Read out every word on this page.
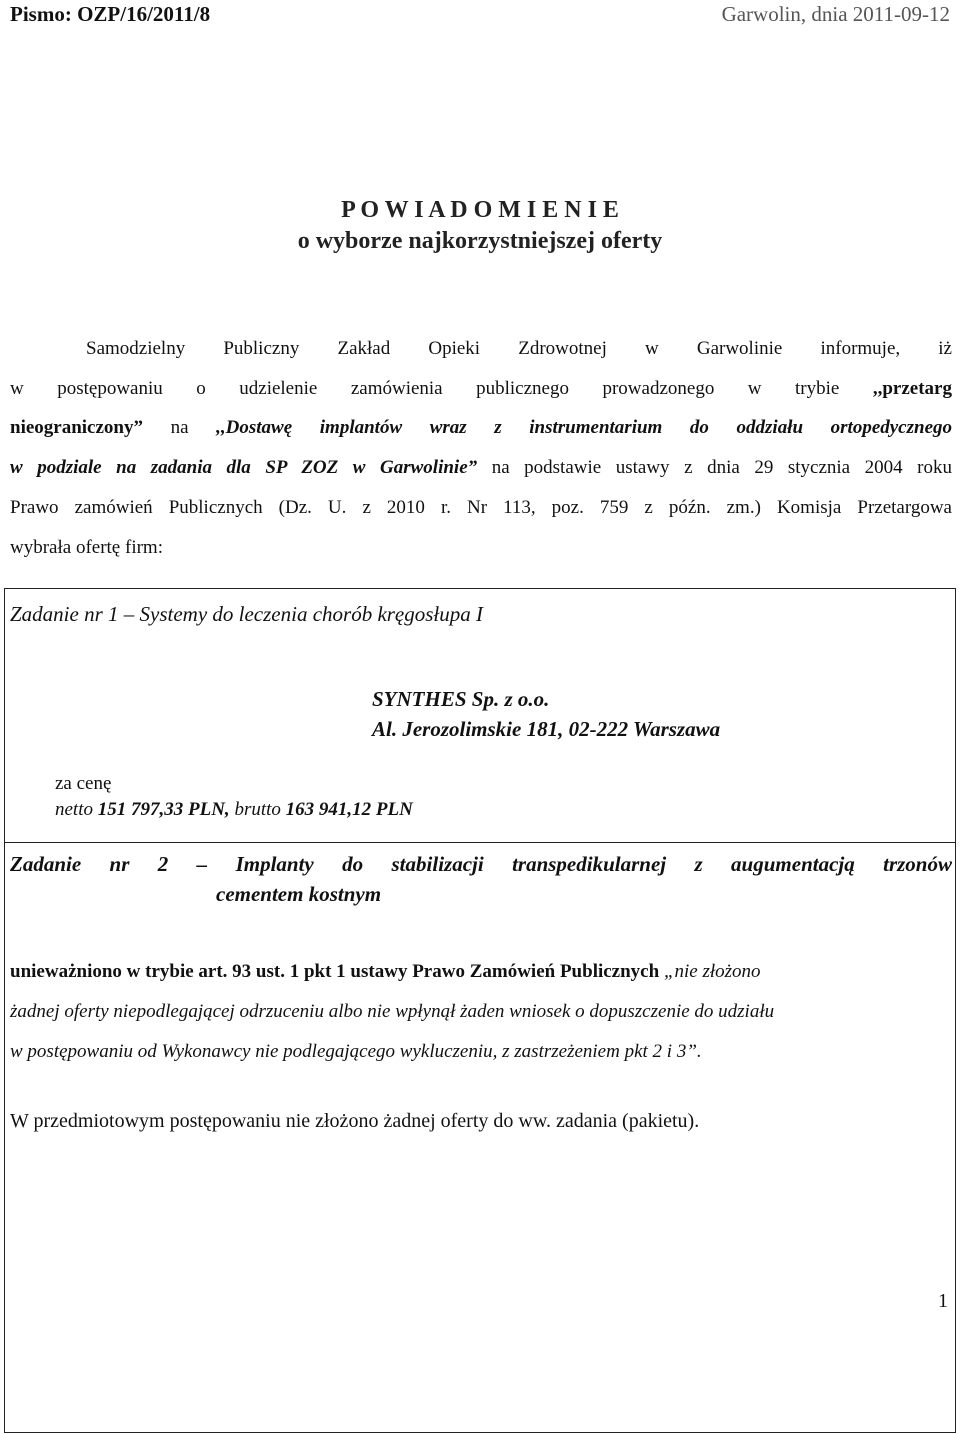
Pismo: OZP/16/2011/8	Garwolin, dnia 2011-09-12
P O W I A D O M I E N I E
o wyborze najkorzystniejszej oferty
Samodzielny Publiczny Zakład Opieki Zdrowotnej w Garwolinie informuje, iż
w postępowaniu o udzielenie zamówienia publicznego prowadzonego w trybie ,,przetarg
nieograniczony” na ,,Dostawę implantów wraz z instrumentarium do oddziału ortopedycznego
w podziale na zadania dla SP ZOZ w Garwolinie” na podstawie ustawy z dnia 29 stycznia 2004 roku
Prawo zamówień Publicznych (Dz. U. z 2010 r. Nr 113, poz. 759 z późn. zm.) Komisja Przetargowa
wybrała ofertę firm:
Zadanie nr 1 – Systemy do leczenia chorób kręgosłupa I
SYNTHES Sp. z o.o.
Al. Jerozolimskie 181, 02-222 Warszawa
za cenę
netto 151 797,33 PLN, brutto 163 941,12 PLN
Zadanie nr 2 – Implanty do stabilizacji transpedikularnej z augumentacją trzonów
cementem kostnym
unieważniono w trybie art. 93 ust. 1 pkt 1 ustawy Prawo Zamówień Publicznych „nie złożono
żadnej oferty niepodlegającej odrzuceniu albo nie wpłynął żaden wniosek o dopuszczenie do udziału
w postępowaniu od Wykonawcy nie podlegającego wykluczeniu, z zastrzeżeniem pkt 2 i 3”.
W przedmiotowym postępowaniu nie złożono żadnej oferty do ww. zadania (pakietu).
1
